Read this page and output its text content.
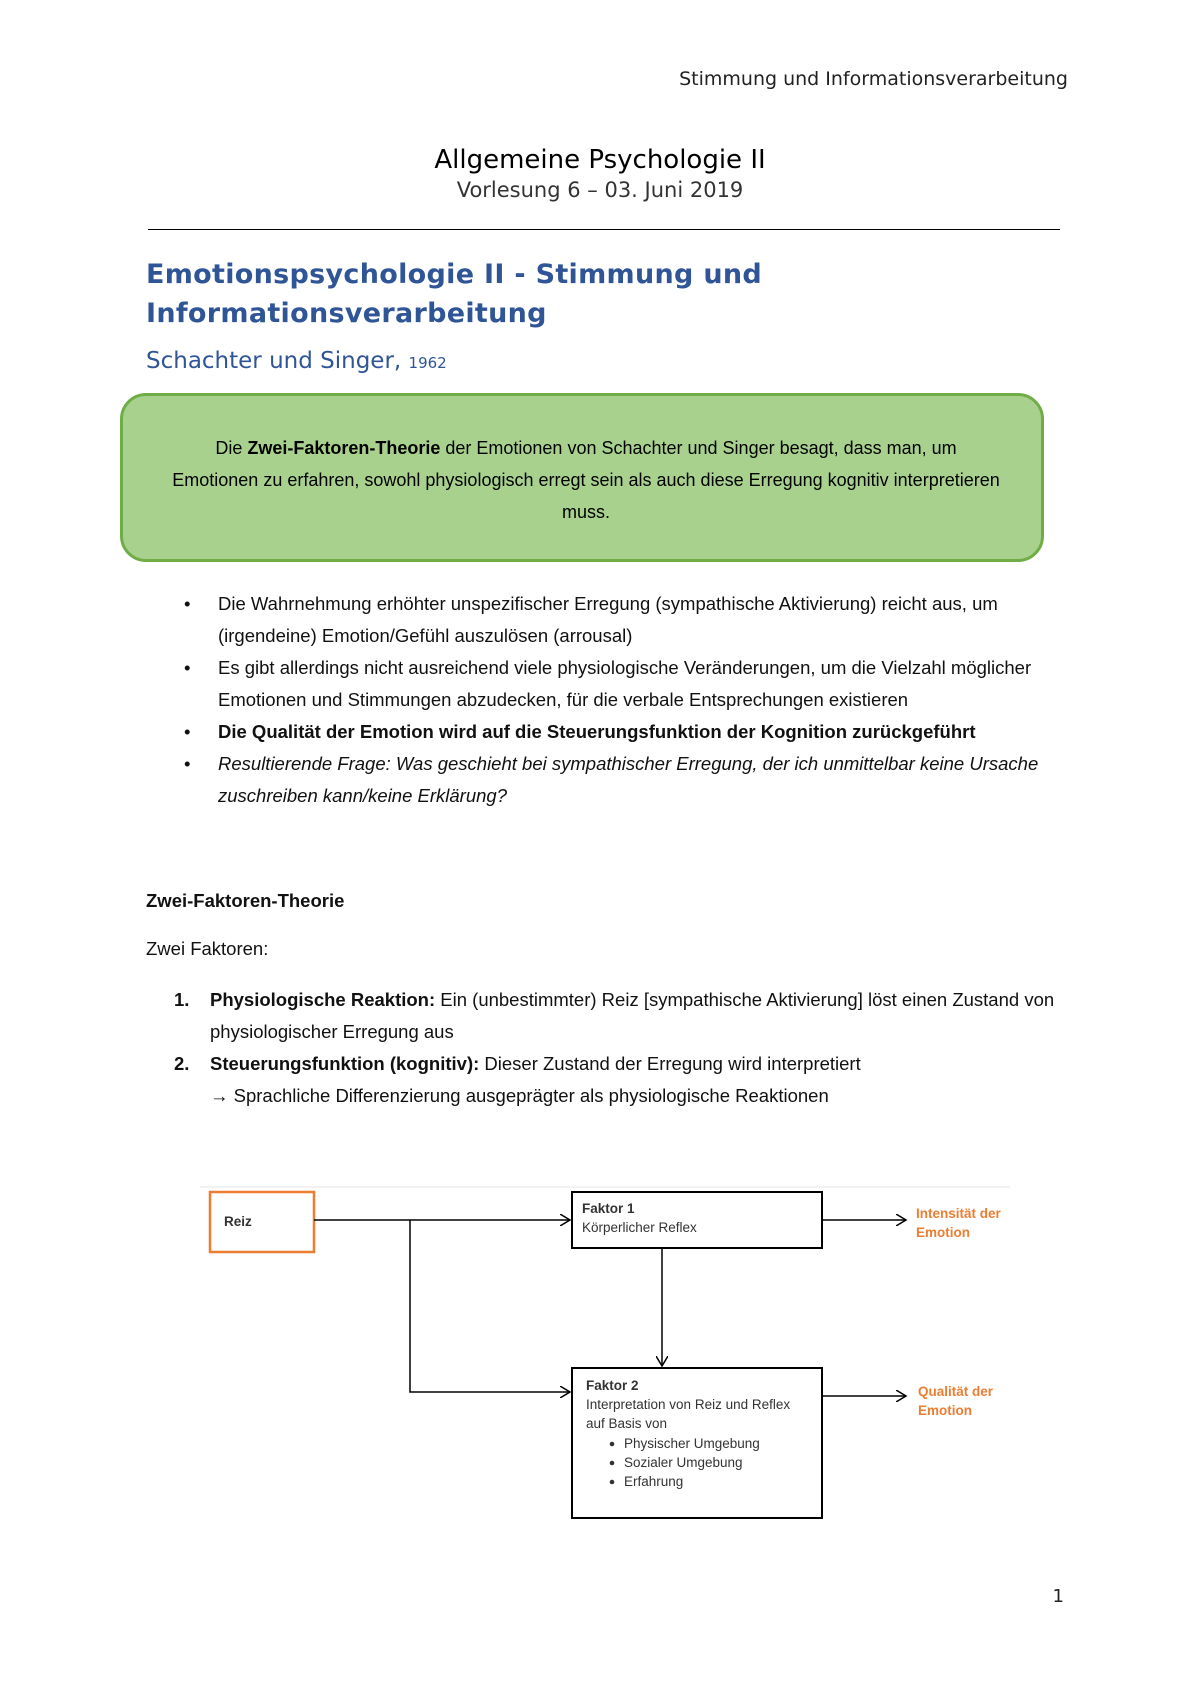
Stimmung und Informationsverarbeitung
Allgemeine Psychologie II
Vorlesung 6 – 03. Juni 2019
Emotionspsychologie II - Stimmung und Informationsverarbeitung
Schachter und Singer, 1962
Die Zwei-Faktoren-Theorie der Emotionen von Schachter und Singer besagt, dass man, um Emotionen zu erfahren, sowohl physiologisch erregt sein als auch diese Erregung kognitiv interpretieren muss.
• Die Wahrnehmung erhöhter unspezifischer Erregung (sympathische Aktivierung) reicht aus, um (irgendeine) Emotion/Gefühl auszulösen (arrousal)
• Es gibt allerdings nicht ausreichend viele physiologische Veränderungen, um die Vielzahl möglicher Emotionen und Stimmungen abzudecken, für die verbale Entsprechungen existieren
• Die Qualität der Emotion wird auf die Steuerungsfunktion der Kognition zurückgeführt
• Resultierende Frage: Was geschieht bei sympathischer Erregung, der ich unmittelbar keine Ursache zuschreiben kann/keine Erklärung?
Zwei-Faktoren-Theorie
Zwei Faktoren:
1. Physiologische Reaktion: Ein (unbestimmter) Reiz [sympathische Aktivierung] löst einen Zustand von physiologischer Erregung aus
2. Steuerungsfunktion (kognitiv): Dieser Zustand der Erregung wird interpretiert
→ Sprachliche Differenzierung ausgeprägter als physiologische Reaktionen
Reiz
Faktor 1
Körperlicher Reflex
Faktor 2
Interpretation von Reiz und Reflex
auf Basis von
Physischer Umgebung
Sozialer Umgebung
Erfahrung
Intensität der
Emotion
Qualität der
Emotion
1
